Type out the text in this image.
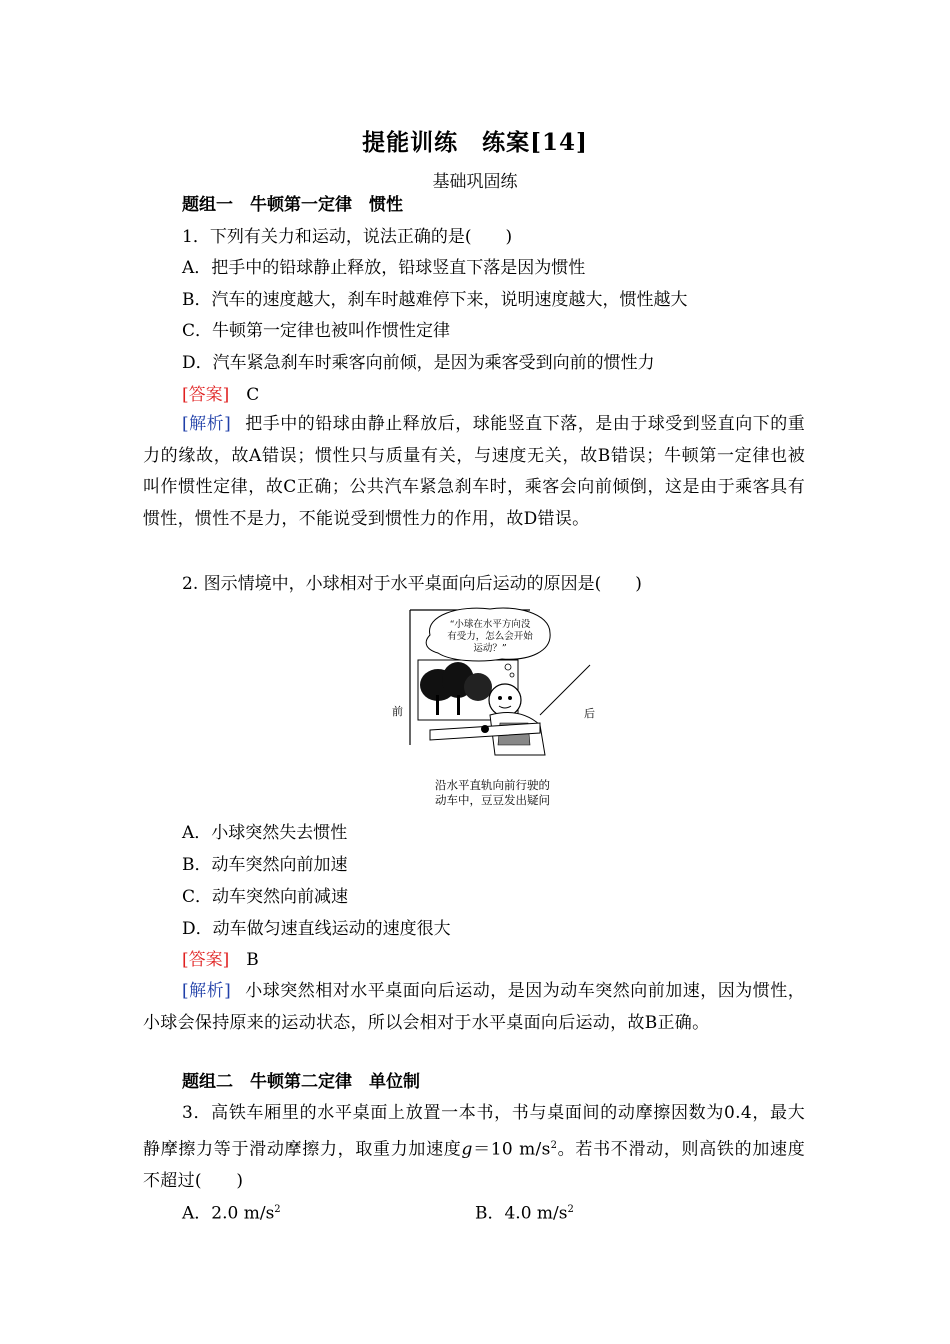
提能训练　练案[14]
基础巩固练
题组一　牛顿第一定律　惯性
1．下列有关力和运动，说法正确的是(　　)
A．把手中的铅球静止释放，铅球竖直下落是因为惯性
B．汽车的速度越大，刹车时越难停下来，说明速度越大，惯性越大
C．牛顿第一定律也被叫作惯性定律
D．汽车紧急刹车时乘客向前倾，是因为乘客受到向前的惯性力
[答案]　 C
[解析] 把手中的铅球由静止释放后，球能竖直下落，是由于球受到竖直向下的重力的缘故，故A错误；惯性只与质量有关，与速度无关，故B错误；牛顿第一定律也被叫作惯性定律，故C正确；公共汽车紧急刹车时，乘客会向前倾倒，这是由于乘客具有惯性，惯性不是力，不能说受到惯性力的作用，故D错误。
2. 图示情境中，小球相对于水平桌面向后运动的原因是(　　)
“小球在水平方向没
有受力，怎么会开始
运动？”
前	后
沿水平直轨向前行驶的
动车中，豆豆发出疑问
A．小球突然失去惯性
B．动车突然向前加速
C．动车突然向前减速
D．动车做匀速直线运动的速度很大
[答案]　 B
[解析] 小球突然相对水平桌面向后运动，是因为动车突然向前加速，因为惯性，小球会保持原来的运动状态，所以会相对于水平桌面向后运动，故B正确。
题组二　牛顿第二定律　单位制
3．高铁车厢里的水平桌面上放置一本书，书与桌面间的动摩擦因数为0.4，最大静摩擦力等于滑动摩擦力，取重力加速度g＝10 $m/s^2$。若书不滑动，则高铁的加速度不超过(　　)
A．2.0 $m/s^2$	B．4.0 $m/s^2$
